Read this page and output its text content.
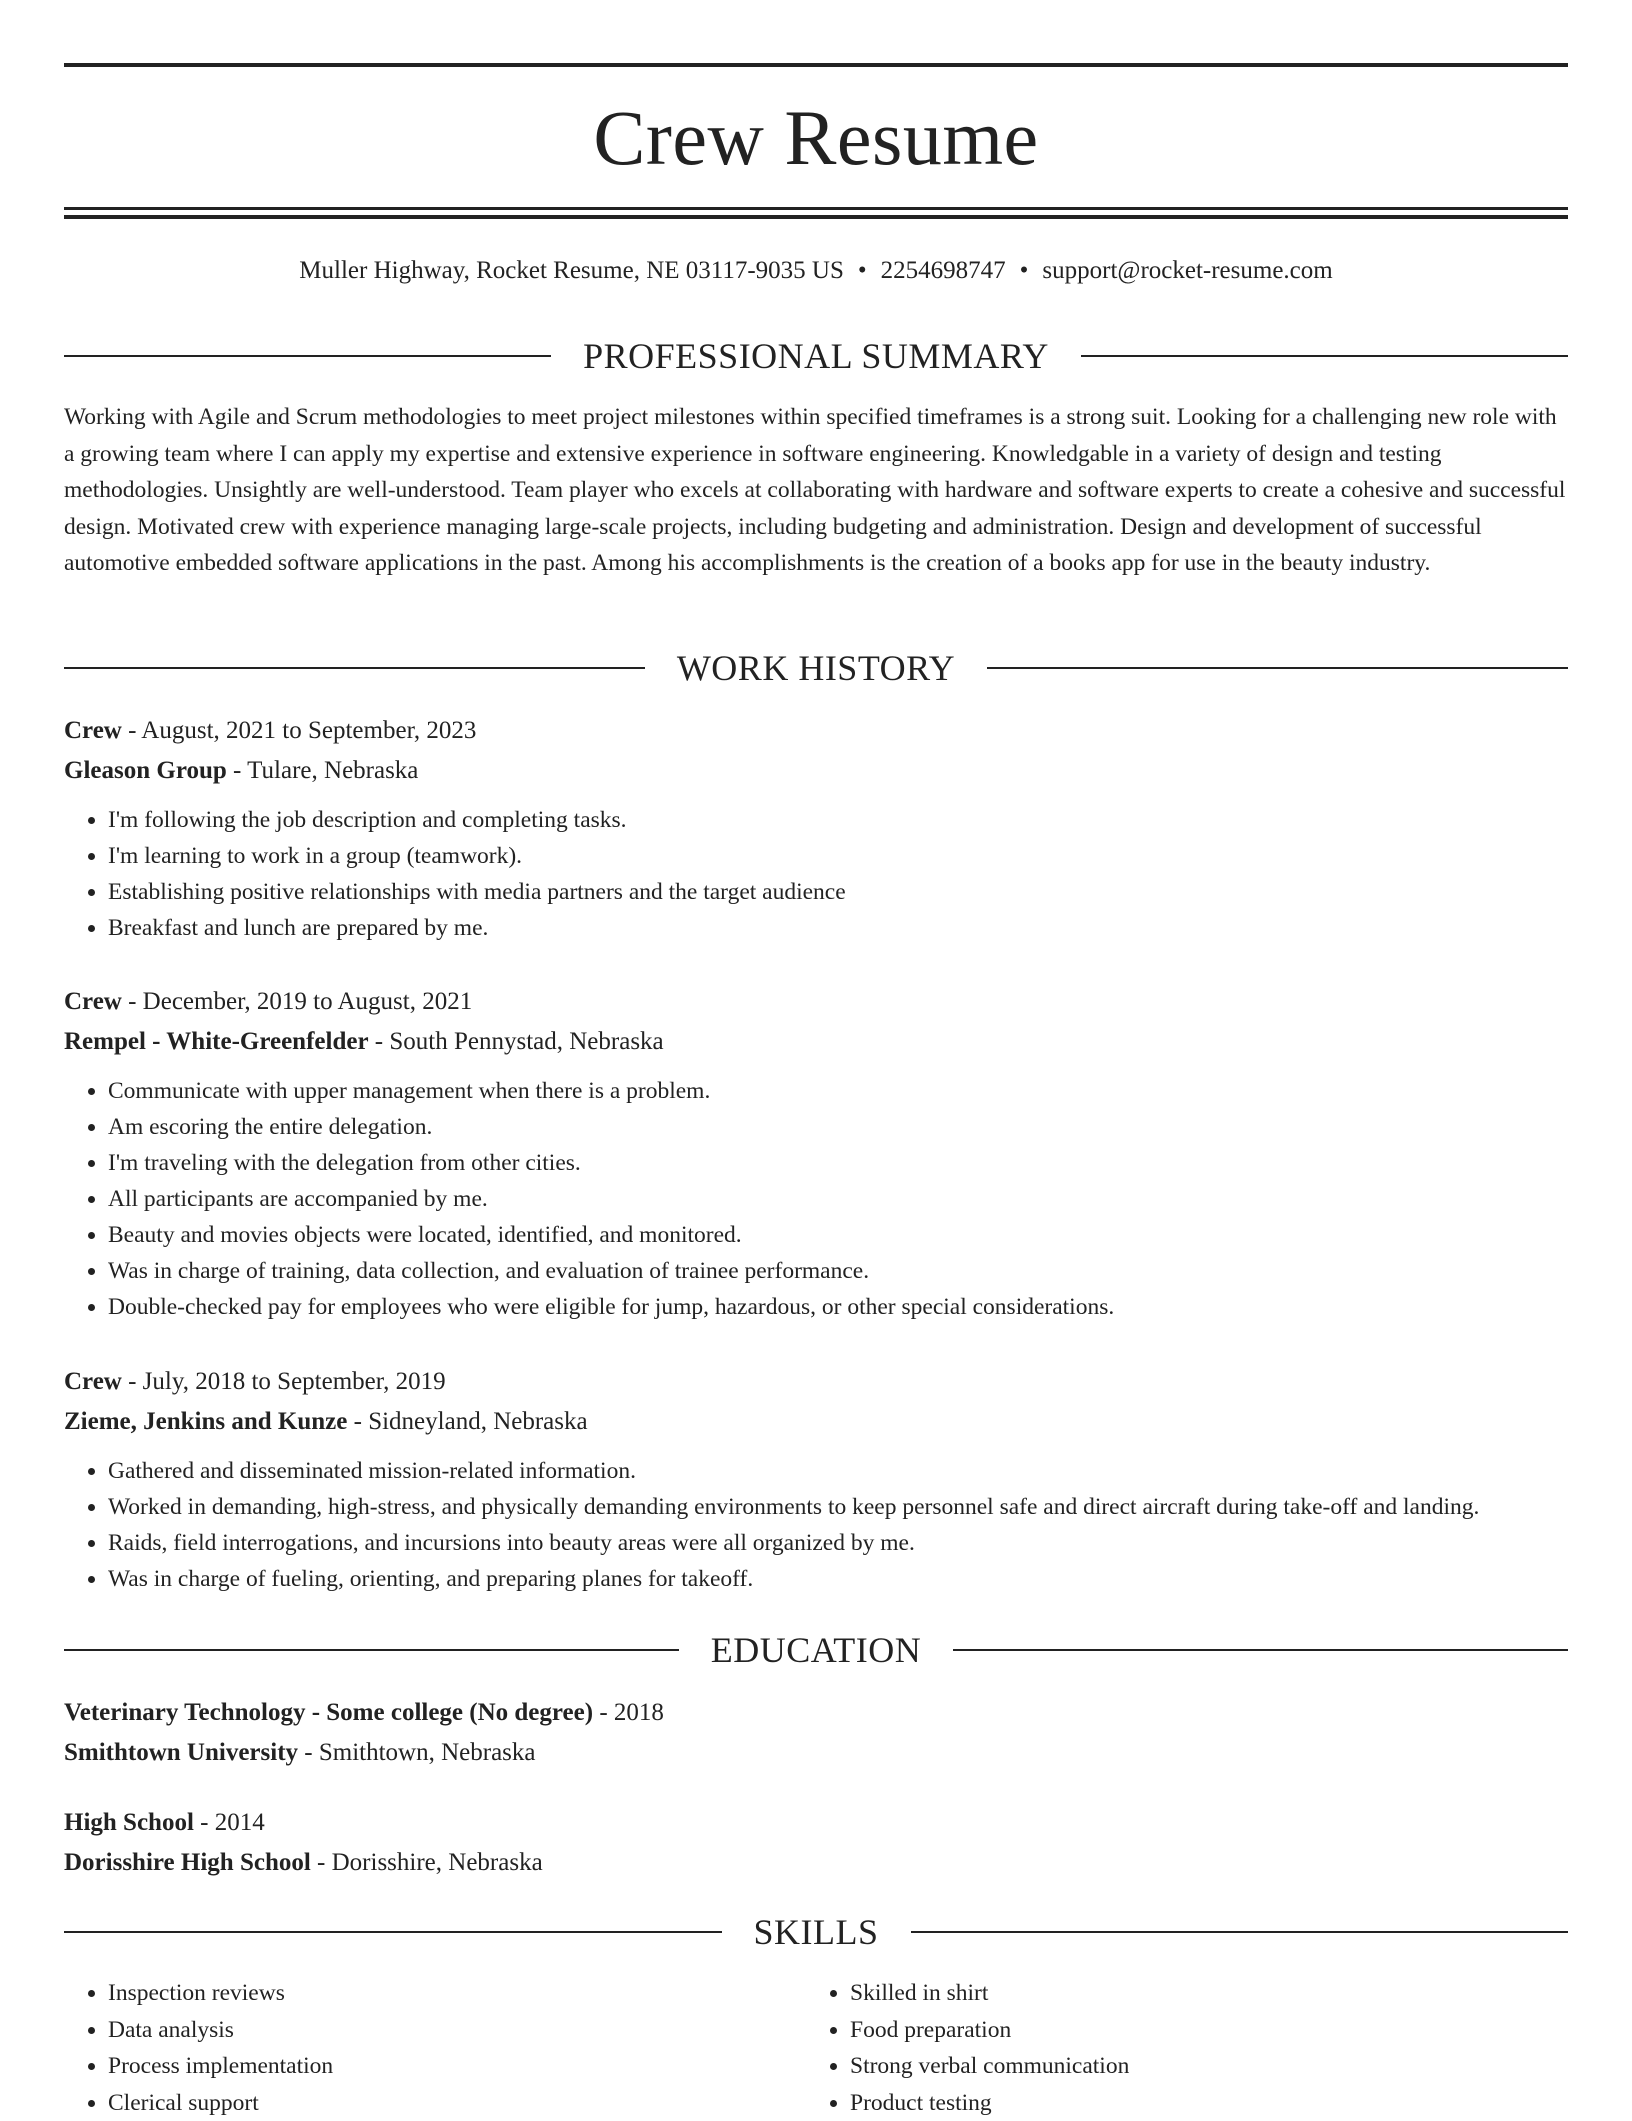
Crew Resume
Muller Highway, Rocket Resume, NE 03117-9035 US • 2254698747 • support@rocket-resume.com
PROFESSIONAL SUMMARY

Working with Agile and Scrum methodologies to meet project milestones within specified timeframes is a strong suit. Looking for a challenging new role with a growing team where I can apply my expertise and extensive experience in software engineering. Knowledgable in a variety of design and testing methodologies. Unsightly are well-understood. Team player who excels at collaborating with hardware and software experts to create a cohesive and successful design. Motivated crew with experience managing large-scale projects, including budgeting and administration. Design and development of successful automotive embedded software applications in the past. Among his accomplishments is the creation of a books app for use in the beauty industry.

WORK HISTORY
Crew - August, 2021 to September, 2023
Gleason Group - Tulare, Nebraska
• I'm following the job description and completing tasks.
• I'm learning to work in a group (teamwork).
• Establishing positive relationships with media partners and the target audience
• Breakfast and lunch are prepared by me.
Crew - December, 2019 to August, 2021
Rempel - White-Greenfelder - South Pennystad, Nebraska
• Communicate with upper management when there is a problem.
• Am escoring the entire delegation.
• I'm traveling with the delegation from other cities.
• All participants are accompanied by me.
• Beauty and movies objects were located, identified, and monitored.
• Was in charge of training, data collection, and evaluation of trainee performance.
• Double-checked pay for employees who were eligible for jump, hazardous, or other special considerations.
Crew - July, 2018 to September, 2019
Zieme, Jenkins and Kunze - Sidneyland, Nebraska
• Gathered and disseminated mission-related information.
• Worked in demanding, high-stress, and physically demanding environments to keep personnel safe and direct aircraft during take-off and landing.
• Raids, field interrogations, and incursions into beauty areas were all organized by me.
• Was in charge of fueling, orienting, and preparing planes for takeoff.
EDUCATION
Veterinary Technology - Some college (No degree) - 2018
Smithtown University - Smithtown, Nebraska
High School - 2014
Dorisshire High School - Dorisshire, Nebraska
SKILLS
• Inspection reviews
• Data analysis
• Process implementation
• Clerical support
• Skilled in shirt
• Food preparation
• Strong verbal communication
• Product testing
